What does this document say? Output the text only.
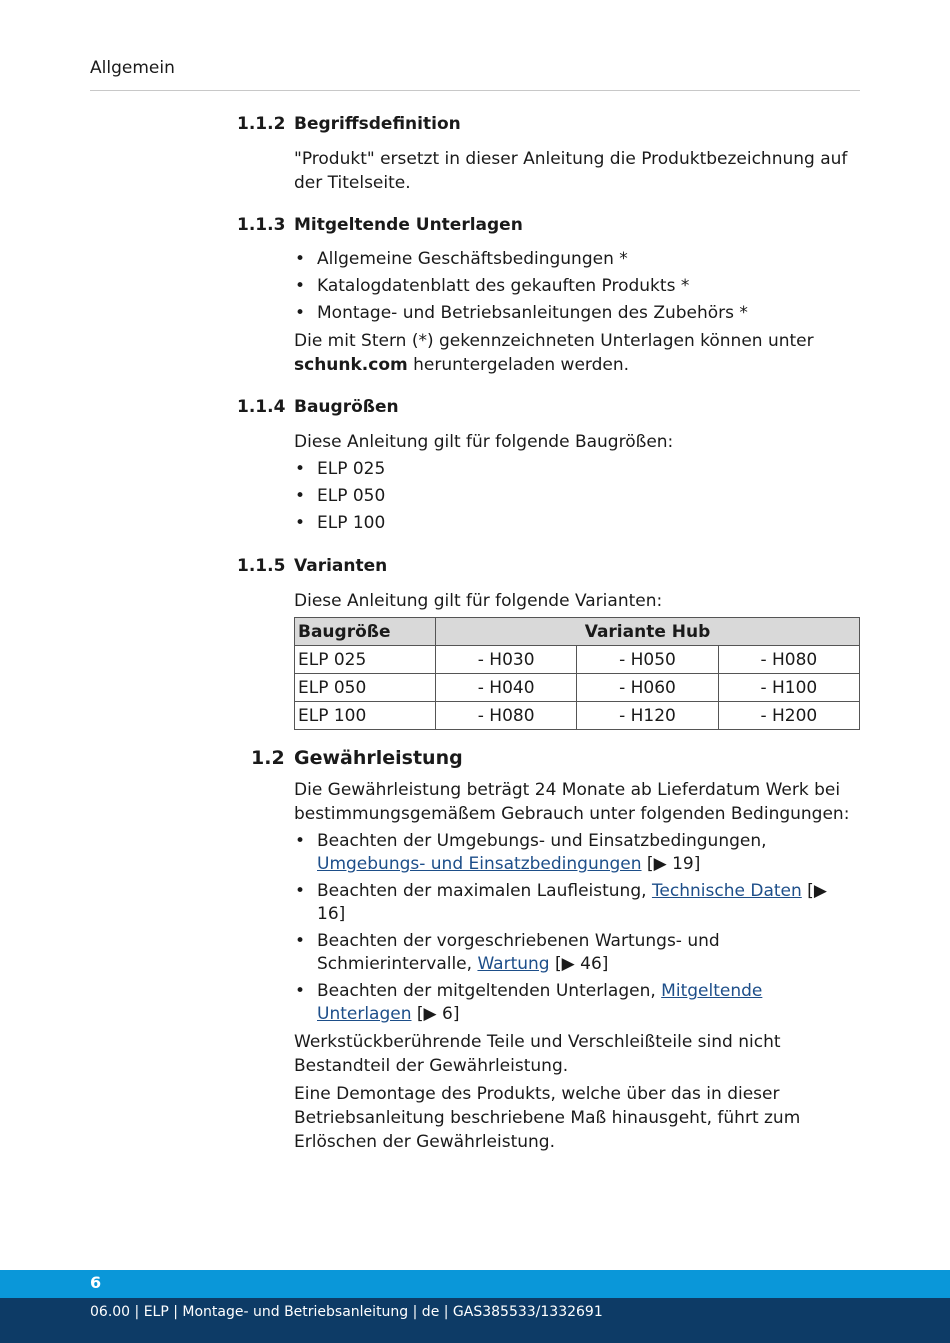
Allgemein
1.1.2 Begriffsdefinition

"Produkt" ersetzt in dieser Anleitung die Produktbezeichnung auf der Titelseite.

1.1.3 Mitgeltende Unterlagen
• Allgemeine Geschäftsbedingungen *
• Katalogdatenblatt des gekauften Produkts *
• Montage- und Betriebsanleitungen des Zubehörs *

Die mit Stern (*) gekennzeichneten Unterlagen können unter
schunk.com heruntergeladen werden.

1.1.4 Baugrößen

Diese Anleitung gilt für folgende Baugrößen:

• ELP 025
• ELP 050
• ELP 100
1.1.5 Varianten

Diese Anleitung gilt für folgende Varianten:

Baugröße	Variante Hub		
ELP 025	- H030	- H050	- H080
ELP 050	- H040	- H060	- H100
ELP 100	- H080	- H120	- H200
1.2 Gewährleistung

Die Gewährleistung beträgt 24 Monate ab Lieferdatum Werk bei bestimmungsgemäßem Gebrauch unter folgenden Bedingungen:

• Beachten der Umgebungs- und Einsatzbedingungen, Umgebungs- und Einsatzbedingungen [▶ 19]
• Beachten der maximalen Laufleistung, Technische Daten [▶ 16]
• Beachten der vorgeschriebenen Wartungs- und Schmierintervalle, Wartung [▶ 46]
• Beachten der mitgeltenden Unterlagen, Mitgeltende Unterlagen [▶ 6]

Werkstückberührende Teile und Verschleißteile sind nicht Bestandteil der Gewährleistung.

Eine Demontage des Produkts, welche über das in dieser Betriebsanleitung beschriebene Maß hinausgeht, führt zum Erlöschen der Gewährleistung.

6
06.00 | ELP | Montage- und Betriebsanleitung | de | GAS385533/1332691
